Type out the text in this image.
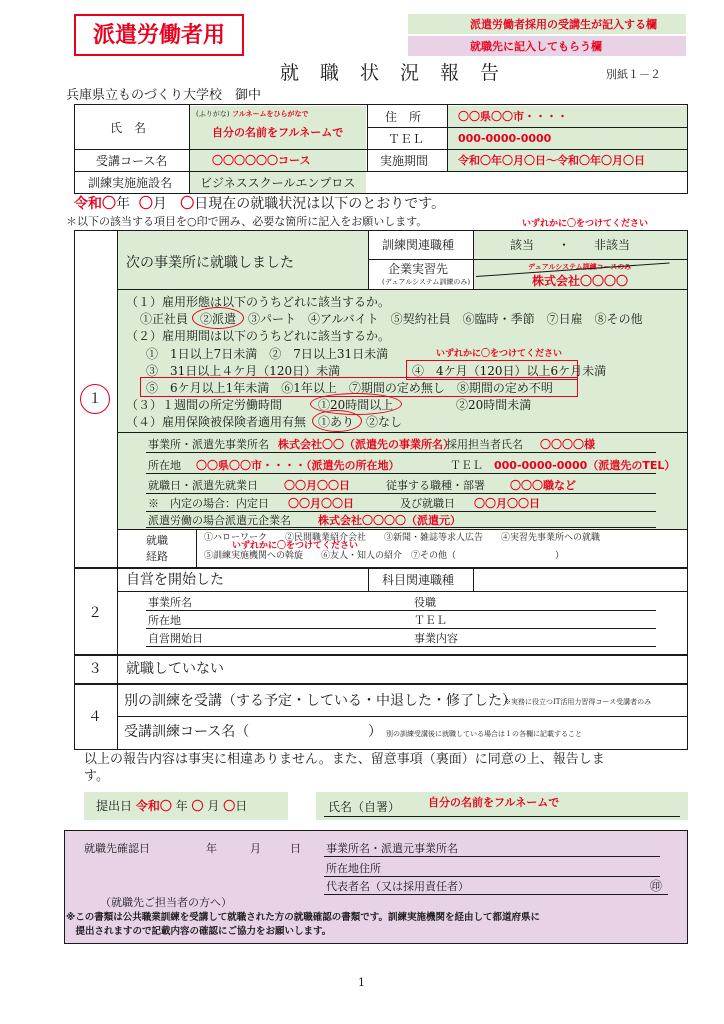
派遣労働者用	派遣労働者採用の受講生が記入する欄
就職先に記入してもらう欄
就　職　状　況　報　告	別紙１－２
兵庫県立ものづくり大学校　御中
氏　名
(ふりがな) フルネームをひらがなで
自分の名前をフルネームで
住　所	〇〇県〇〇市・・・・
ＴＥＬ	000-0000-0000
受講コース名	〇〇〇〇〇〇コース	実施期間	令和〇年〇月〇日～令和〇年〇月〇日
訓練実施施設名 ビジネススクールエンプロス
令和〇年 〇月 〇日現在の就職状況は以下のとおりです。
＊以下の該当する項目を○印で囲み、必要な箇所に記入をお願いします。	いずれかに〇をつけてください
１
次の事業所に就職しました
訓練関連職種	該当　　・　　非該当
企業実習先
(デュアルシステム訓練のみ)
デュアルシステム訓練コースのみ
株式会社〇〇〇〇
（１）雇用形態は以下のうちどれに該当するか。
①正社員　②派遣　③パート　④アルバイト　⑤契約社員　⑥臨時・季節　⑦日雇　⑧その他
（２）雇用期間は以下のうちどれに該当するか。
①　1日以上7日未満　②　7日以上31日未満	いずれかに〇をつけてください
③　31日以上４ケ月（120日）未満	④　4ケ月（120日）以上6ケ月未満
⑤　6ケ月以上1年未満　⑥1年以上　⑦期間の定め無し　⑧期間の定め不明
（３）１週間の所定労働時間	①20時間以上	②20時間未満
（４）雇用保険被保険者適用有無 ①あり ②なし
事業所・派遣先事業所名 株式会社〇〇（派遣先の事業所名）
採用担当者氏名 〇〇〇〇様
所在地 〇〇県〇〇市・・・・（派遣先の所在地）	ＴＥＬ 000-0000-0000（派遣先のTEL）
就職日・派遣先就業日 〇〇月〇〇日	従事する職種・部署 〇〇〇職など
※　内定の場合：内定日 〇〇月〇〇日	及び就職日 〇〇月〇〇日
派遣労働の場合派遣元企業名 株式会社〇〇〇〇（派遣元）
就職
経路
①ハローワーク　　②民間職業紹介会社　　③新聞・雑誌等求人広告　　④実習先事業所への就職
いずれかに〇をつけてください
⑤訓練実施機関への斡旋　　⑥友人・知人の紹介　⑦その他（　　　　　　　　　　　）
２
自営を開始した	科目関連職種
事業所名	役職
所在地	ＴＥＬ
自営開始日	事業内容
３ 就職していない
４
別の訓練を受講（する予定・している・中退した・修了した）
※実務に役立つIT活用力習得コース受講者のみ
受講訓練コース名（	） 別の訓練受講後に就職している場合は１の各欄に記載すること
以上の報告内容は事実に相違ありません。また、留意事項（裏面）に同意の上、報告しま
す。
提出日 令和〇 年 〇 月 〇日	氏名（自署）	自分の名前をフルネームで
就職先確認日	年	月	日 事業所名・派遣元事業所名
所在地住所
代表者名（又は採用責任者）	㊞
（就職先ご担当者の方へ）
※この書類は公共職業訓練を受講して就職された方の就職確認の書類です。訓練実施機関を経由して都道府県に
　提出されますので記載内容の確認にご協力をお願いします。
1
